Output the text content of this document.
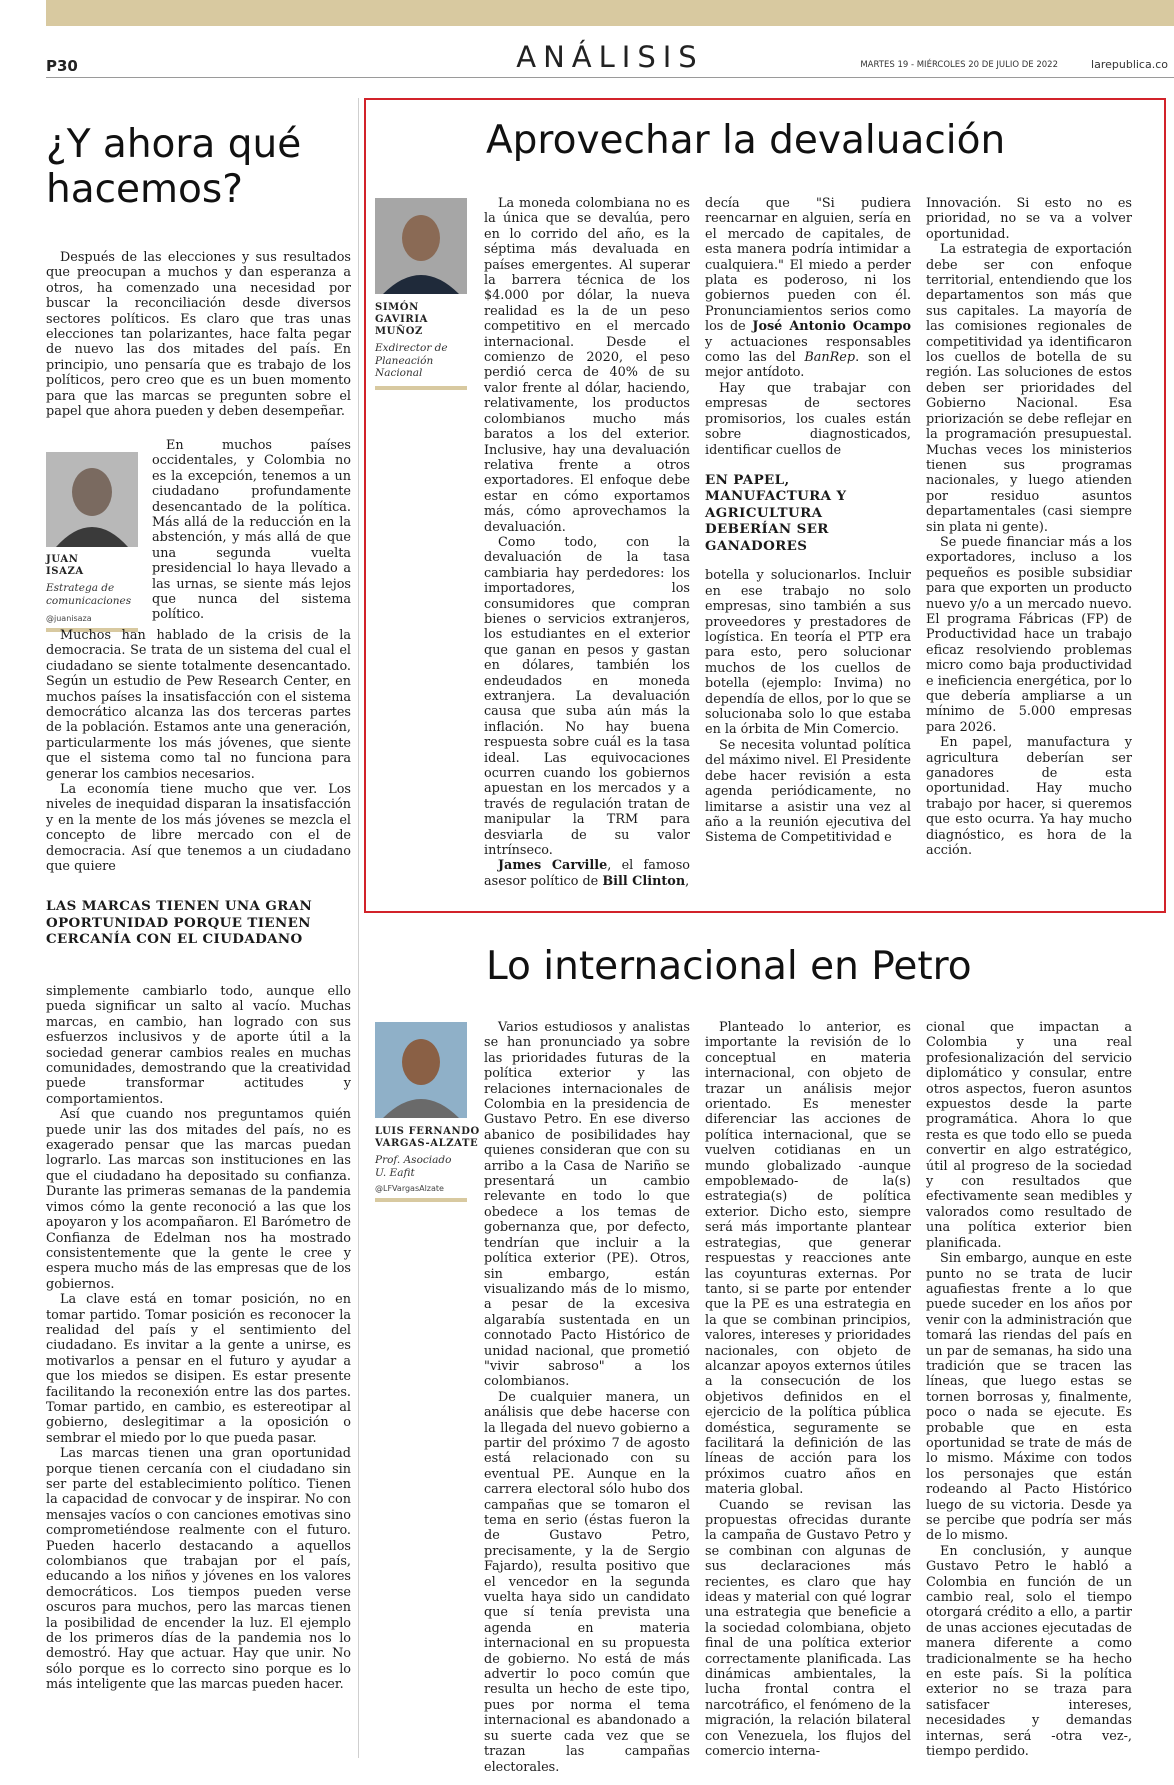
P30	ANÁLISIS	MARTES 19 - MIÉRCOLES 20 DE JULIO DE 2022	larepublica.co
¿Y ahora qué hacemos?

Después de las elecciones y sus resultados que preocupan a muchos y dan esperanza a otros, ha comenzado una necesidad por buscar la reconciliación desde diversos sectores políticos. Es claro que tras unas elecciones tan polarizantes, hace falta pegar de nuevo las dos mitades del país. En principio, uno pensaría que es trabajo de los políticos, pero creo que es un buen momento para que las marcas se pregunten sobre el papel que ahora pueden y deben desempeñar.

JUAN
ISAZA
Estratega de
comunicaciones
@juanisaza

En muchos países occidentales, y Colombia no es la excepción, tenemos a un ciudadano profundamente desencantado de la política. Más allá de la reducción en la abstención, y más allá de que una segunda vuelta presidencial lo haya llevado a las urnas, se siente más lejos que nunca del sistema político.

Muchos han hablado de la crisis de la democracia. Se trata de un sistema del cual el ciudadano se siente totalmente desencantado. Según un estudio de Pew Research Center, en muchos países la insatisfacción con el sistema democrático alcanza las dos terceras partes de la población. Estamos ante una generación, particularmente los más jóvenes, que siente que el sistema como tal no funciona para generar los cambios necesarios.

La economía tiene mucho que ver. Los niveles de inequidad disparan la insatisfacción y en la mente de los más jóvenes se mezcla el concepto de libre mercado con el de democracia. Así que tenemos a un ciudadano que quiere

LAS MARCAS TIENEN UNA GRAN OPORTUNIDAD PORQUE TIENEN CERCANÍA CON EL CIUDADANO

simplemente cambiarlo todo, aunque ello pueda significar un salto al vacío. Muchas marcas, en cambio, han logrado con sus esfuerzos inclusivos y de aporte útil a la sociedad generar cambios reales en muchas comunidades, demostrando que la creatividad puede transformar actitudes y comportamientos.

Así que cuando nos preguntamos quién puede unir las dos mitades del país, no es exagerado pensar que las marcas puedan lograrlo. Las marcas son instituciones en las que el ciudadano ha depositado su confianza. Durante las primeras semanas de la pandemia vimos cómo la gente reconoció a las que los apoyaron y los acompañaron. El Barómetro de Confianza de Edelman nos ha mostrado consistentemente que la gente le cree y espera mucho más de las empresas que de los gobiernos.

La clave está en tomar posición, no en tomar partido. Tomar posición es reconocer la realidad del país y el sentimiento del ciudadano. Es invitar a la gente a unirse, es motivarlos a pensar en el futuro y ayudar a que los miedos se disipen. Es estar presente facilitando la reconexión entre las dos partes. Tomar partido, en cambio, es estereotipar al gobierno, deslegitimar a la oposición o sembrar el miedo por lo que pueda pasar.

Las marcas tienen una gran oportunidad porque tienen cercanía con el ciudadano sin ser parte del establecimiento político. Tienen la capacidad de convocar y de inspirar. No con mensajes vacíos o con canciones emotivas sino comprometiéndose realmente con el futuro. Pueden hacerlo destacando a aquellos colombianos que trabajan por el país, educando a los niños y jóvenes en los valores democráticos. Los tiempos pueden verse oscuros para muchos, pero las marcas tienen la posibilidad de encender la luz. El ejemplo de los primeros días de la pandemia nos lo demostró. Hay que actuar. Hay que unir. No sólo porque es lo correcto sino porque es lo más inteligente que las marcas pueden hacer.

Aprovechar la devaluación
SIMÓN
GAVIRIA
MUÑOZ
Exdirector de
Planeación
Nacional

La moneda colombiana no es la única que se devalúa, pero en lo corrido del año, es la séptima más devaluada en países emergentes. Al superar la barrera técnica de los $4.000 por dólar, la nueva realidad es la de un peso competitivo en el mercado internacional. Desde el comienzo de 2020, el peso perdió cerca de 40% de su valor frente al dólar, haciendo, relativamente, los productos colombianos mucho más baratos a los del exterior. Inclusive, hay una devaluación relativa frente a otros exportadores. El enfoque debe estar en cómo exportamos más, cómo aprovechamos la devaluación.

Como todo, con la devaluación de la tasa cambiaria hay perdedores: los importadores, los consumidores que compran bienes o servicios extranjeros, los estudiantes en el exterior que ganan en pesos y gastan en dólares, también los endeudados en moneda extranjera. La devaluación causa que suba aún más la inflación. No hay buena respuesta sobre cuál es la tasa ideal. Las equivocaciones ocurren cuando los gobiernos apuestan en los mercados y a través de regulación tratan de manipular la TRM para desviarla de su valor intrínseco.

James Carville, el famoso asesor político de Bill Clinton,

decía que "Si pudiera reencarnar en alguien, sería en el mercado de capitales, de esta manera podría intimidar a cualquiera." El miedo a perder plata es poderoso, ni los gobiernos pueden con él. Pronunciamientos serios como los de José Antonio Ocampo y actuaciones responsables como las del BanRep. son el mejor antídoto.

Hay que trabajar con empresas de sectores promisorios, los cuales están sobre diagnosticados, identificar cuellos de

EN PAPEL, MANUFACTURA Y AGRICULTURA DEBERÍAN SER GANADORES

botella y solucionarlos. Incluir en ese trabajo no solo empresas, sino también a sus proveedores y prestadores de logística. En teoría el PTP era para esto, pero solucionar muchos de los cuellos de botella (ejemplo: Invima) no dependía de ellos, por lo que se solucionaba solo lo que estaba en la órbita de Min Comercio.

Se necesita voluntad política del máximo nivel. El Presidente debe hacer revisión a esta agenda periódicamente, no limitarse a asistir una vez al año a la reunión ejecutiva del Sistema de Competitividad e

Innovación. Si esto no es prioridad, no se va a volver oportunidad.

La estrategia de exportación debe ser con enfoque territorial, entendiendo que los departamentos son más que sus capitales. La mayoría de las comisiones regionales de competitividad ya identificaron los cuellos de botella de su región. Las soluciones de estos deben ser prioridades del Gobierno Nacional. Esa priorización se debe reflejar en la programación presupuestal. Muchas veces los ministerios tienen sus programas nacionales, y luego atienden por residuo asuntos departamentales (casi siempre sin plata ni gente).

Se puede financiar más a los exportadores, incluso a los pequeños es posible subsidiar para que exporten un producto nuevo y/o a un mercado nuevo. El programa Fábricas (FP) de Productividad hace un trabajo eficaz resolviendo problemas micro como baja productividad e ineficiencia energética, por lo que debería ampliarse a un mínimo de 5.000 empresas para 2026.

En papel, manufactura y agricultura deberían ser ganadores de esta oportunidad. Hay mucho trabajo por hacer, si queremos que esto ocurra. Ya hay mucho diagnóstico, es hora de la acción.

Lo internacional en Petro
LUIS FERNANDO
VARGAS-ALZATE
Prof. Asociado
U. Eafit
@LFVargasAlzate

Varios estudiosos y analistas se han pronunciado ya sobre las prioridades futuras de la política exterior y las relaciones internacionales de Colombia en la presidencia de Gustavo Petro. En ese diverso abanico de posibilidades hay quienes consideran que con su arribo a la Casa de Nariño se presentará un cambio relevante en todo lo que obedece a los temas de gobernanza que, por defecto, tendrían que incluir a la política exterior (PE). Otros, sin embargo, están visualizando más de lo mismo, a pesar de la excesiva algarabía sustentada en un connotado Pacto Histórico de unidad nacional, que prometió "vivir sabroso" a los colombianos.

De cualquier manera, un análisis que debe hacerse con la llegada del nuevo gobierno a partir del próximo 7 de agosto está relacionado con su eventual PE. Aunque en la carrera electoral sólo hubo dos campañas que se tomaron el tema en serio (éstas fueron la de Gustavo Petro, precisamente, y la de Sergio Fajardo), resulta positivo que el vencedor en la segunda vuelta haya sido un candidato que sí tenía prevista una agenda en materia internacional en su propuesta de gobierno. No está de más advertir lo poco común que resulta un hecho de este tipo, pues por norma el tema internacional es abandonado a su suerte cada vez que se trazan las campañas electorales.

Planteado lo anterior, es importante la revisión de lo conceptual en materia internacional, con objeto de trazar un análisis mejor orientado. Es menester diferenciar las acciones de política internacional, que se vuelven cotidianas en un mundo globalizado -aunque empobleмado- de la(s) estrategia(s) de política exterior. Dicho esto, siempre será más importante plantear estrategias, que generar respuestas y reacciones ante las coyunturas externas. Por tanto, si se parte por entender que la PE es una estrategia en la que se combinan principios, valores, intereses y prioridades nacionales, con objeto de alcanzar apoyos externos útiles a la consecución de los objetivos definidos en el ejercicio de la política pública doméstica, seguramente se facilitará la definición de las líneas de acción para los próximos cuatro años en materia global.

Cuando se revisan las propuestas ofrecidas durante la campaña de Gustavo Petro y se combinan con algunas de sus declaraciones más recientes, es claro que hay ideas y material con qué lograr una estrategia que beneficie a la sociedad colombiana, objeto final de una política exterior correctamente planificada. Las dinámicas ambientales, la lucha frontal contra el narcotráfico, el fenómeno de la migración, la relación bilateral con Venezuela, los flujos del comercio interna-

cional que impactan a Colombia y una real profesionalización del servicio diplomático y consular, entre otros aspectos, fueron asuntos expuestos desde la parte programática. Ahora lo que resta es que todo ello se pueda convertir en algo estratégico, útil al progreso de la sociedad y con resultados que efectivamente sean medibles y valorados como resultado de una política exterior bien planificada.

Sin embargo, aunque en este punto no se trata de lucir aguafiestas frente a lo que puede suceder en los años por venir con la administración que tomará las riendas del país en un par de semanas, ha sido una tradición que se tracen las líneas, que luego estas se tornen borrosas y, finalmente, poco o nada se ejecute. Es probable que en esta oportunidad se trate de más de lo mismo. Máxime con todos los personajes que están rodeando al Pacto Histórico luego de su victoria. Desde ya se percibe que podría ser más de lo mismo.

En conclusión, y aunque Gustavo Petro le habló a Colombia en función de un cambio real, solo el tiempo otorgará crédito a ello, a partir de unas acciones ejecutadas de manera diferente a como tradicionalmente se ha hecho en este país. Si la política exterior no se traza para satisfacer intereses, necesidades y demandas internas, será -otra vez-, tiempo perdido.
